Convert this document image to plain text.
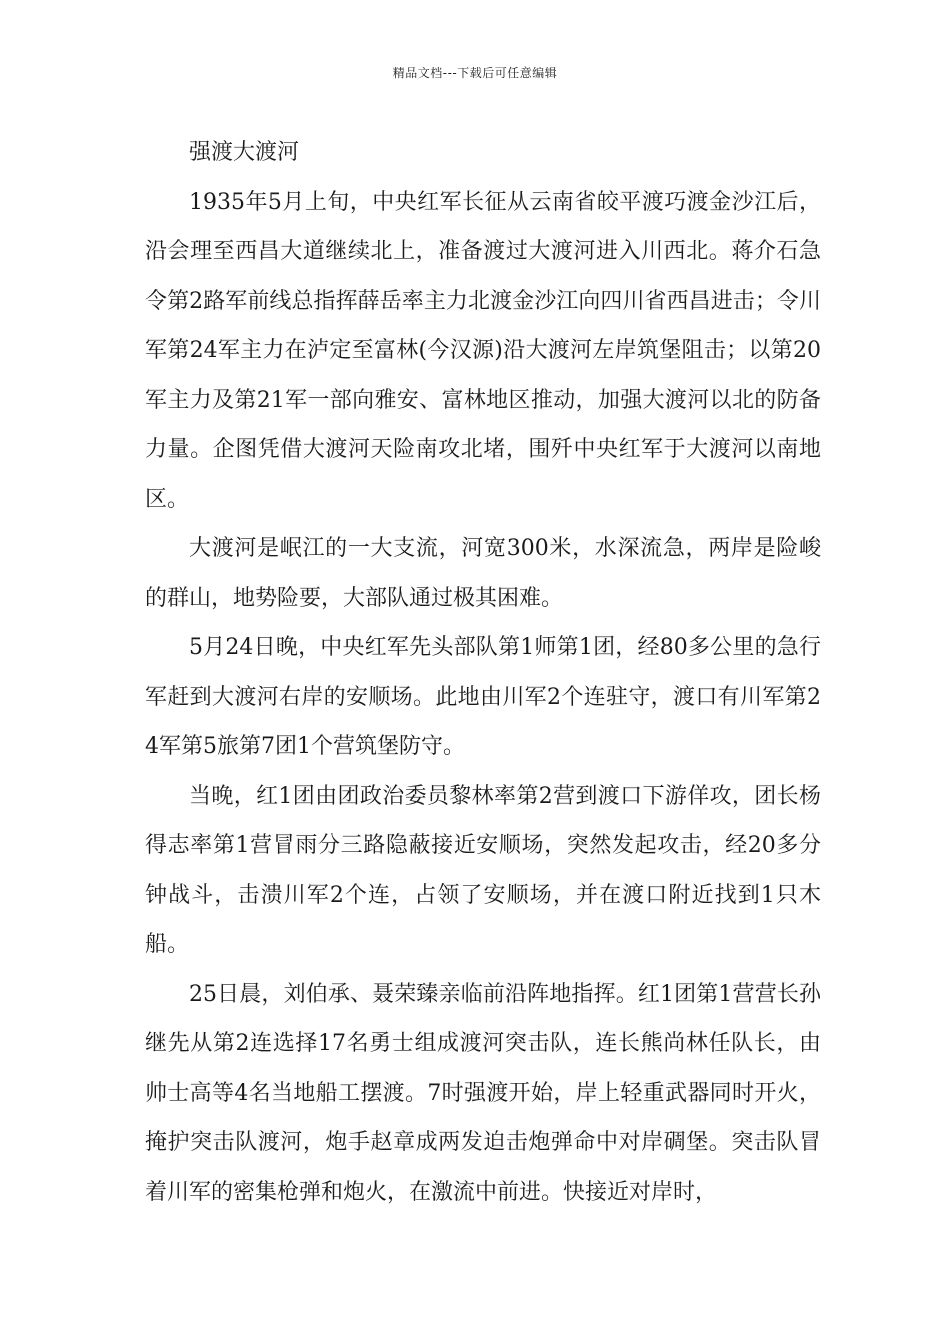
精品文档---下载后可任意编辑

强渡大渡河

1935年5月上旬，中央红军长征从云南省皎平渡巧渡金沙江后，沿会理至西昌大道继续北上，准备渡过大渡河进入川西北。蒋介石急令第2路军前线总指挥薛岳率主力北渡金沙江向四川省西昌进击；令川军第24军主力在泸定至富林(今汉源)沿大渡河左岸筑堡阻击；以第20军主力及第21军一部向雅安、富林地区推动，加强大渡河以北的防备力量。企图凭借大渡河天险南攻北堵，围歼中央红军于大渡河以南地区。

大渡河是岷江的一大支流，河宽300米，水深流急，两岸是险峻的群山，地势险要，大部队通过极其困难。

5月24日晚，中央红军先头部队第1师第1团，经80多公里的急行军赶到大渡河右岸的安顺场。此地由川军2个连驻守，渡口有川军第24军第5旅第7团1个营筑堡防守。

当晚，红1团由团政治委员黎林率第2营到渡口下游佯攻，团长杨得志率第1营冒雨分三路隐蔽接近安顺场，突然发起攻击，经20多分钟战斗，击溃川军2个连，占领了安顺场，并在渡口附近找到1只木船。

25日晨，刘伯承、聂荣臻亲临前沿阵地指挥。红1团第1营营长孙继先从第2连选择17名勇士组成渡河突击队，连长熊尚林任队长，由帅士高等4名当地船工摆渡。7时强渡开始，岸上轻重武器同时开火，掩护突击队渡河，炮手赵章成两发迫击炮弹命中对岸碉堡。突击队冒着川军的密集枪弹和炮火，在激流中前进。快接近对岸时，
